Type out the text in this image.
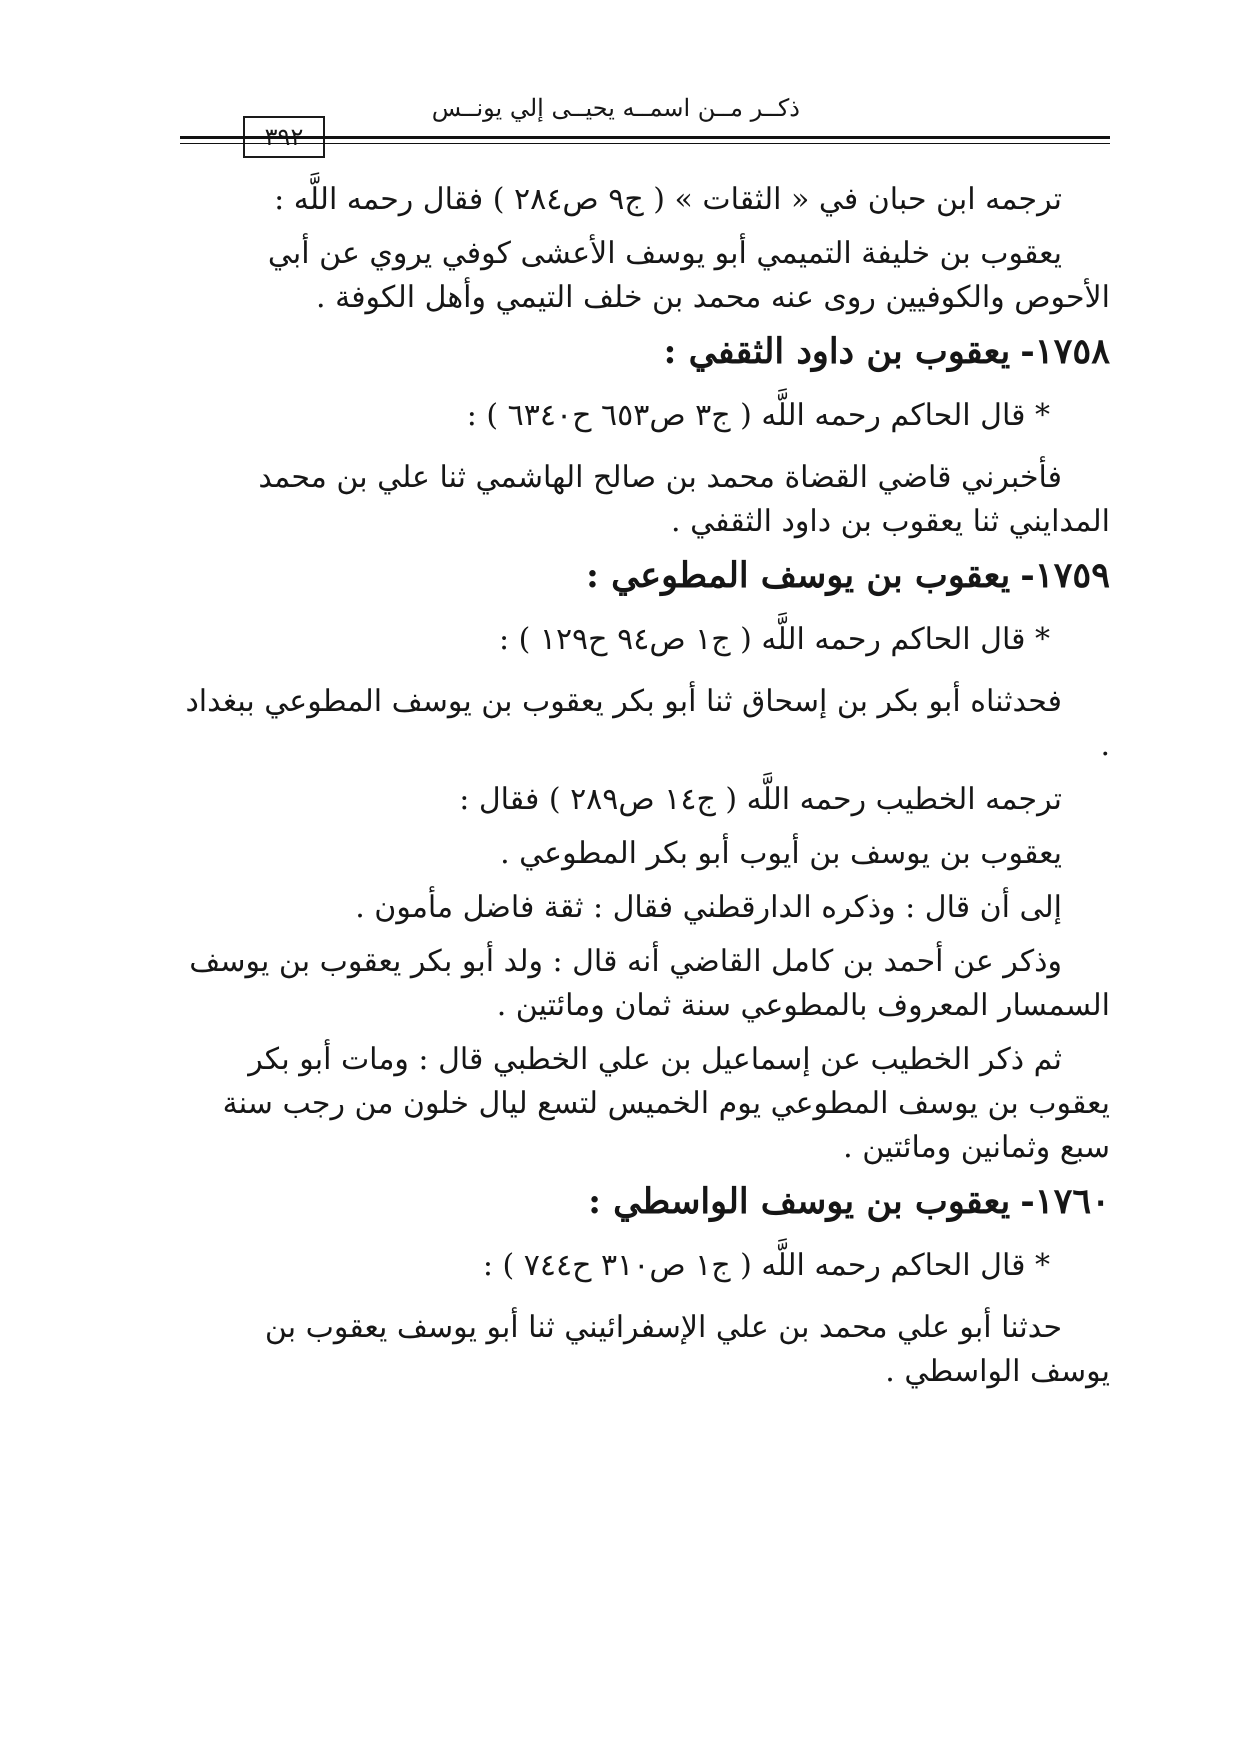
٣٩٢
ذكــر مــن اسمــه يحيــى إلي يونــس

ترجمه ابن حبان في « الثقات » ( ج٩ ص٢٨٤ ) فقال رحمه اللَّه :

يعقوب بن خليفة التميمي أبو يوسف الأعشى كوفي يروي عن أبي الأحوص والكوفيين روى عنه محمد بن خلف التيمي وأهل الكوفة .

١٧٥٨-يعقوب بن داود الثقفي :

* قال الحاكم رحمه اللَّه ( ج٣ ص٦٥٣ ح٦٣٤٠ ) :

فأخبرني قاضي القضاة محمد بن صالح الهاشمي ثنا علي بن محمد المدايني ثنا يعقوب بن داود الثقفي .

١٧٥٩-يعقوب بن يوسف المطوعي :

* قال الحاكم رحمه اللَّه ( ج١ ص٩٤ ح١٢٩ ) :

فحدثناه أبو بكر بن إسحاق ثنا أبو بكر يعقوب بن يوسف المطوعي ببغداد .

ترجمه الخطيب رحمه اللَّه ( ج١٤ ص٢٨٩ ) فقال :

يعقوب بن يوسف بن أيوب أبو بكر المطوعي .

إلى أن قال : وذكره الدارقطني فقال : ثقة فاضل مأمون .

وذكر عن أحمد بن كامل القاضي أنه قال : ولد أبو بكر يعقوب بن يوسف السمسار المعروف بالمطوعي سنة ثمان ومائتين .

ثم ذكر الخطيب عن إسماعيل بن علي الخطبي قال : ومات أبو بكر يعقوب بن يوسف المطوعي يوم الخميس لتسع ليال خلون من رجب سنة سبع وثمانين ومائتين .

١٧٦٠-يعقوب بن يوسف الواسطي :

* قال الحاكم رحمه اللَّه ( ج١ ص٣١٠ ح٧٤٤ ) :

حدثنا أبو علي محمد بن علي الإسفرائيني ثنا أبو يوسف يعقوب بن يوسف الواسطي .
